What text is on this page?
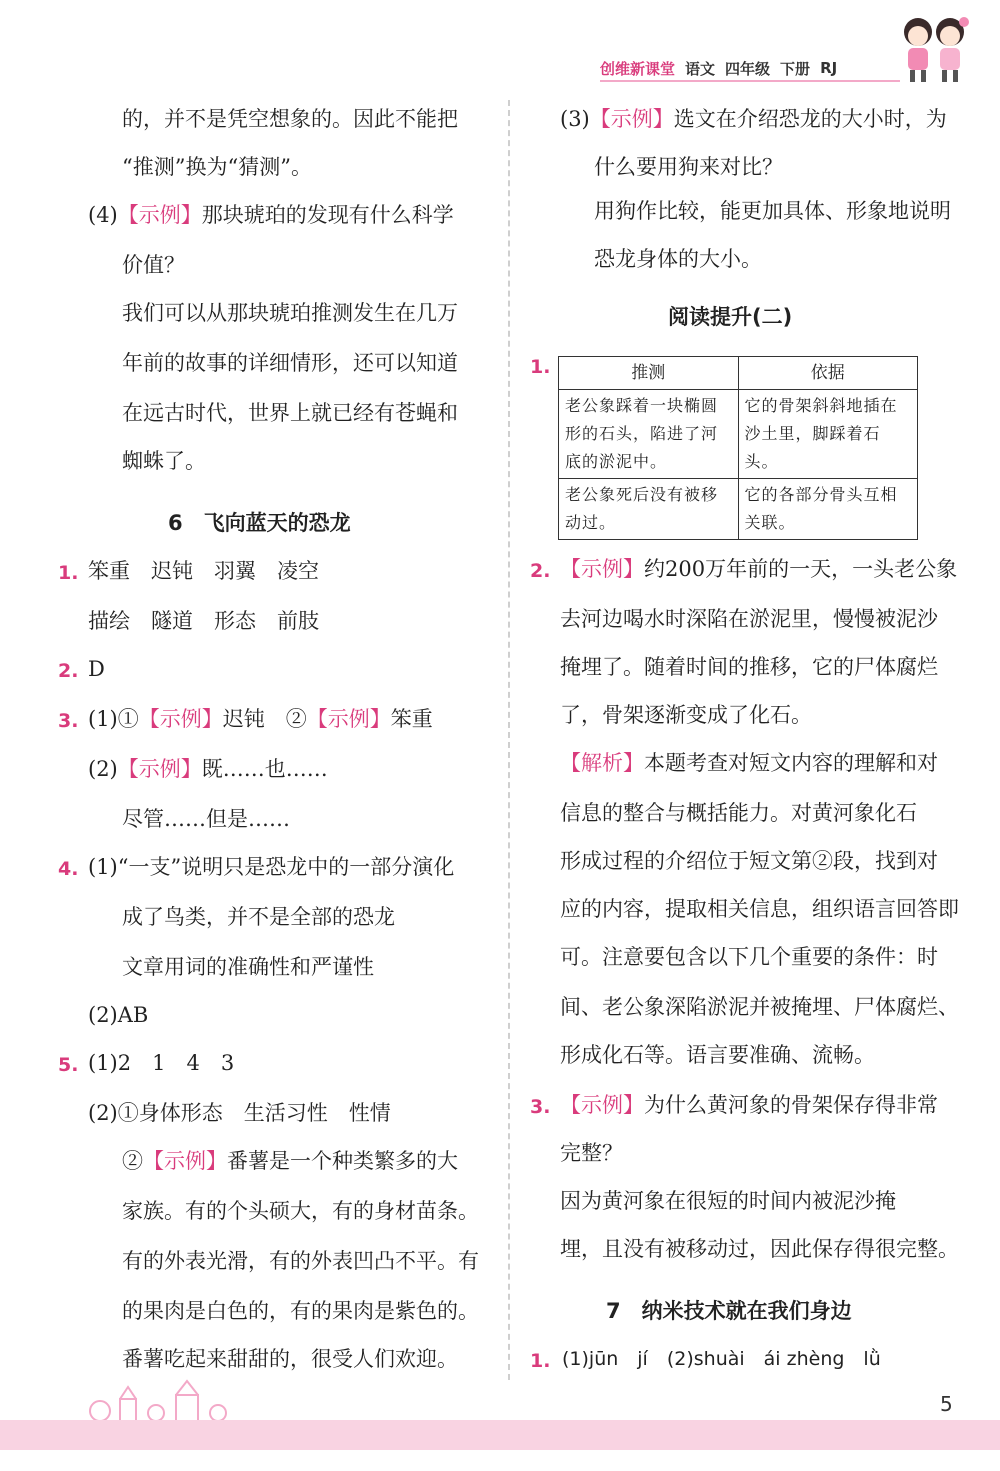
创维新课堂 语文 四年级 下册 RJ
的，并不是凭空想象的。因此不能把
“推测”换为“猜测”。
(4)【示例】那块琥珀的发现有什么科学
价值？
我们可以从那块琥珀推测发生在几万
年前的故事的详细情形，还可以知道
在远古时代，世界上就已经有苍蝇和
蜘蛛了。
6　飞向蓝天的恐龙
1. 笨重　迟钝　羽翼　凌空
描绘　隧道　形态　前肢
2. D
3. (1)①【示例】迟钝　②【示例】笨重
(2)【示例】既……也……
尽管……但是……
4. (1)“一支”说明只是恐龙中的一部分演化
成了鸟类，并不是全部的恐龙
文章用词的准确性和严谨性
(2)AB
5. (1)2　1　4　3
(2)①身体形态　生活习性　性情
②【示例】番薯是一个种类繁多的大
家族。有的个头硕大，有的身材苗条。
有的外表光滑，有的外表凹凸不平。有
的果肉是白色的，有的果肉是紫色的。
番薯吃起来甜甜的，很受人们欢迎。
(3)【示例】选文在介绍恐龙的大小时，为
什么要用狗来对比？
用狗作比较，能更加具体、形象地说明
恐龙身体的大小。
阅读提升(二)
1.	推测	依据
老公象踩着一块椭圆形的石头，陷进了河底的淤泥中。	它的骨架斜斜地插在沙土里，脚踩着石头。
老公象死后没有被移动过。	它的各部分骨头互相关联。
2. 【示例】约200万年前的一天，一头老公象
去河边喝水时深陷在淤泥里，慢慢被泥沙
掩埋了。随着时间的推移，它的尸体腐烂
了，骨架逐渐变成了化石。
【解析】本题考查对短文内容的理解和对
信息的整合与概括能力。对黄河象化石
形成过程的介绍位于短文第②段，找到对
应的内容，提取相关信息，组织语言回答即
可。注意要包含以下几个重要的条件：时
间、老公象深陷淤泥并被掩埋、尸体腐烂、
形成化石等。语言要准确、流畅。
3. 【示例】为什么黄河象的骨架保存得非常
完整？
因为黄河象在很短的时间内被泥沙掩
埋，且没有被移动过，因此保存得很完整。
7　纳米技术就在我们身边
1. (1)jūn　jí　(2)shuài　ái zhèng　lǜ
5
